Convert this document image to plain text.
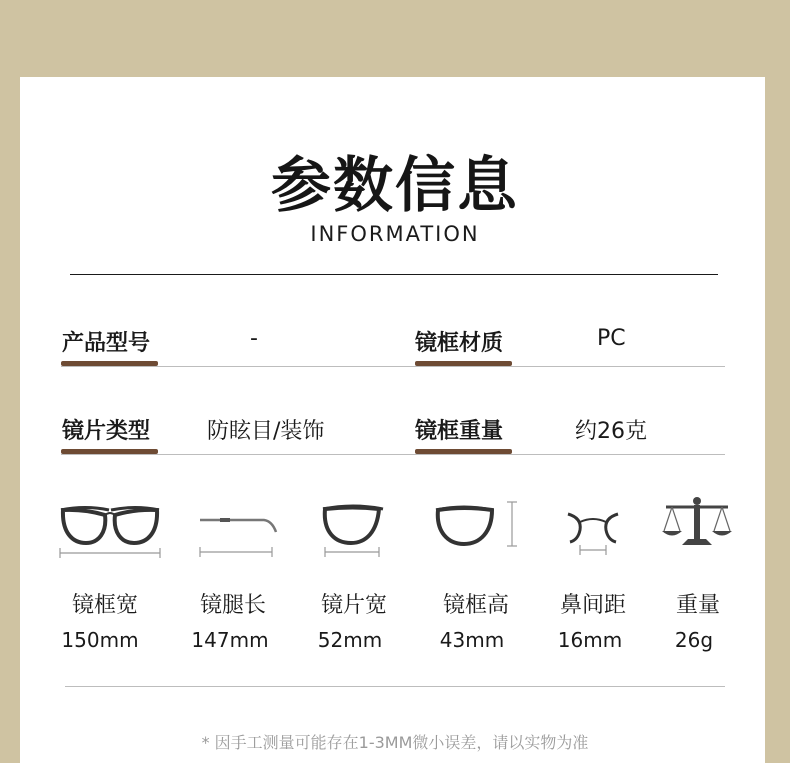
参数信息
INFORMATION
产品型号	-	镜框材质	PC
镜片类型	防眩目/装饰	镜框重量	约26克
镜框宽	镜腿长	镜片宽	镜框高	鼻间距	重量
150mm	147mm	52mm	43mm	16mm	26g
* 因手工测量可能存在1-3MM微小误差，请以实物为准
